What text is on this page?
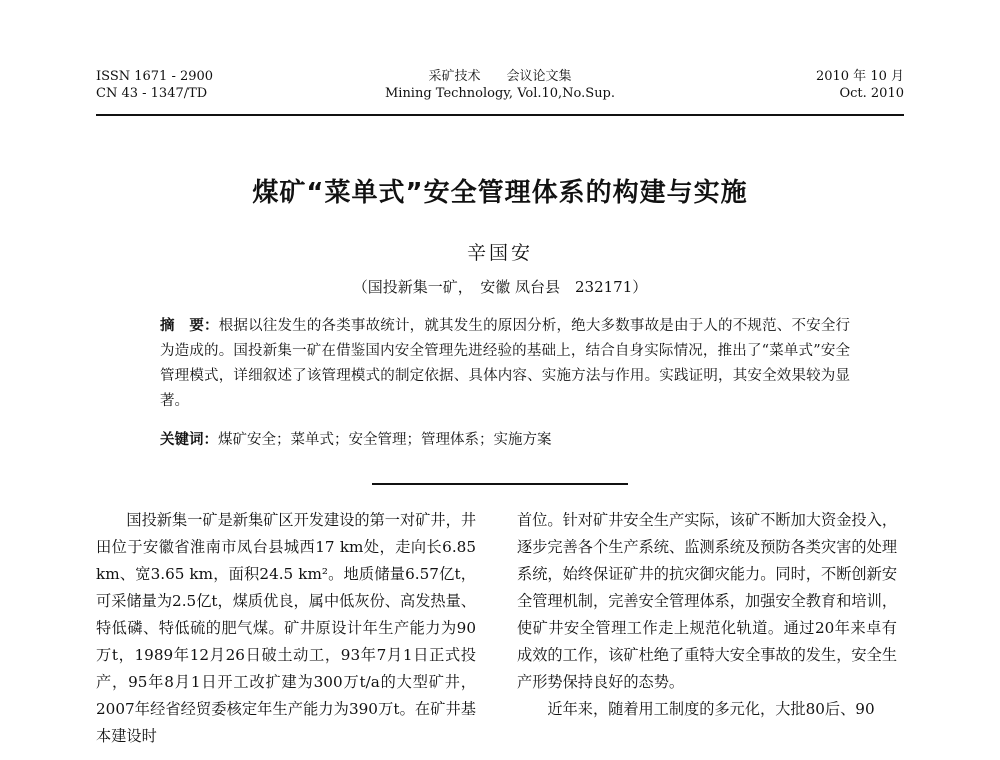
ISSN 1671 - 2900
CN 43 - 1347/TD
采矿技术　　会议论文集
Mining Technology, Vol.10,No.Sup.
2010 年 10 月
Oct. 2010
煤矿“菜单式”安全管理体系的构建与实施
辛国安
（国投新集一矿，　安徽 凤台县　232171）
摘　要：根据以往发生的各类事故统计，就其发生的原因分析，绝大多数事故是由于人的不规范、不安全行为造成的。国投新集一矿在借鉴国内安全管理先进经验的基础上，结合自身实际情况，推出了“菜单式”安全管理模式，详细叙述了该管理模式的制定依据、具体内容、实施方法与作用。实践证明，其安全效果较为显著。
关键词：煤矿安全；菜单式；安全管理；管理体系；实施方案

国投新集一矿是新集矿区开发建设的第一对矿井，井田位于安徽省淮南市凤台县城西17 km处，走向长6.85 km、宽3.65 km，面积24.5 km²。地质储量6.57亿t，可采储量为2.5亿t，煤质优良，属中低灰份、高发热量、特低磷、特低硫的肥气煤。矿井原设计年生产能力为90万t，1989年12月26日破土动工，93年7月1日正式投产，95年8月1日开工改扩建为300万t/a的大型矿井，2007年经省经贸委核定年生产能力为390万t。在矿井基本建设时

首位。针对矿井安全生产实际，该矿不断加大资金投入，逐步完善各个生产系统、监测系统及预防各类灾害的处理系统，始终保证矿井的抗灾御灾能力。同时，不断创新安全管理机制，完善安全管理体系，加强安全教育和培训，使矿井安全管理工作走上规范化轨道。通过20年来卓有成效的工作，该矿杜绝了重特大安全事故的发生，安全生产形势保持良好的态势。

近年来，随着用工制度的多元化，大批80后、90
